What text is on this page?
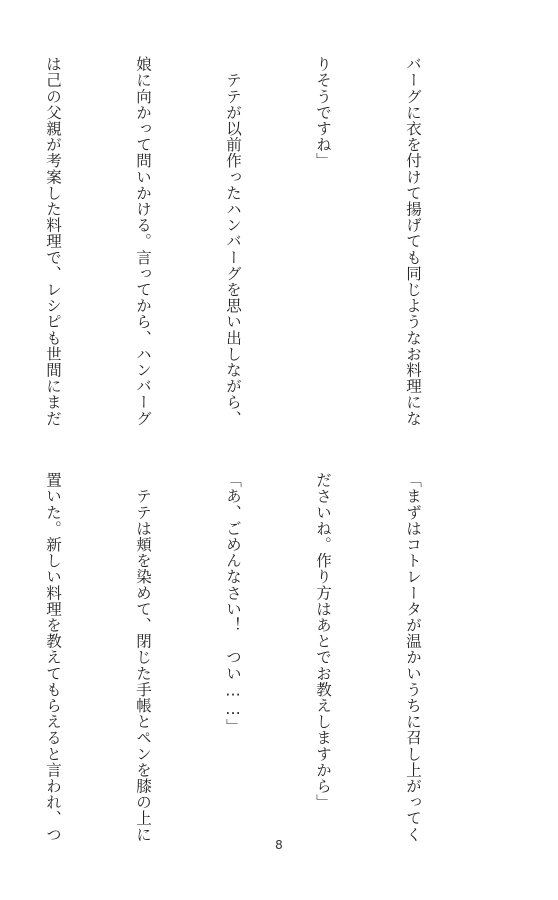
バーグに衣を付けて揚げても同じようなお料理にな

りそうですね」

　テテが以前作ったハンバーグを思い出しながら、

娘に向かって問いかける。言ってから、ハンバーグ

は己の父親が考案した料理で、レシピも世間にまだ

「まずはコトレータが温かいうちに召し上がってく

ださいね。作り方はあとでお教えしますから」

「あ、ごめんなさい！　つい……」

　テテは頬を染めて、閉じた手帳とペンを膝の上に

置いた。新しい料理を教えてもらえると言われ、つ

8
